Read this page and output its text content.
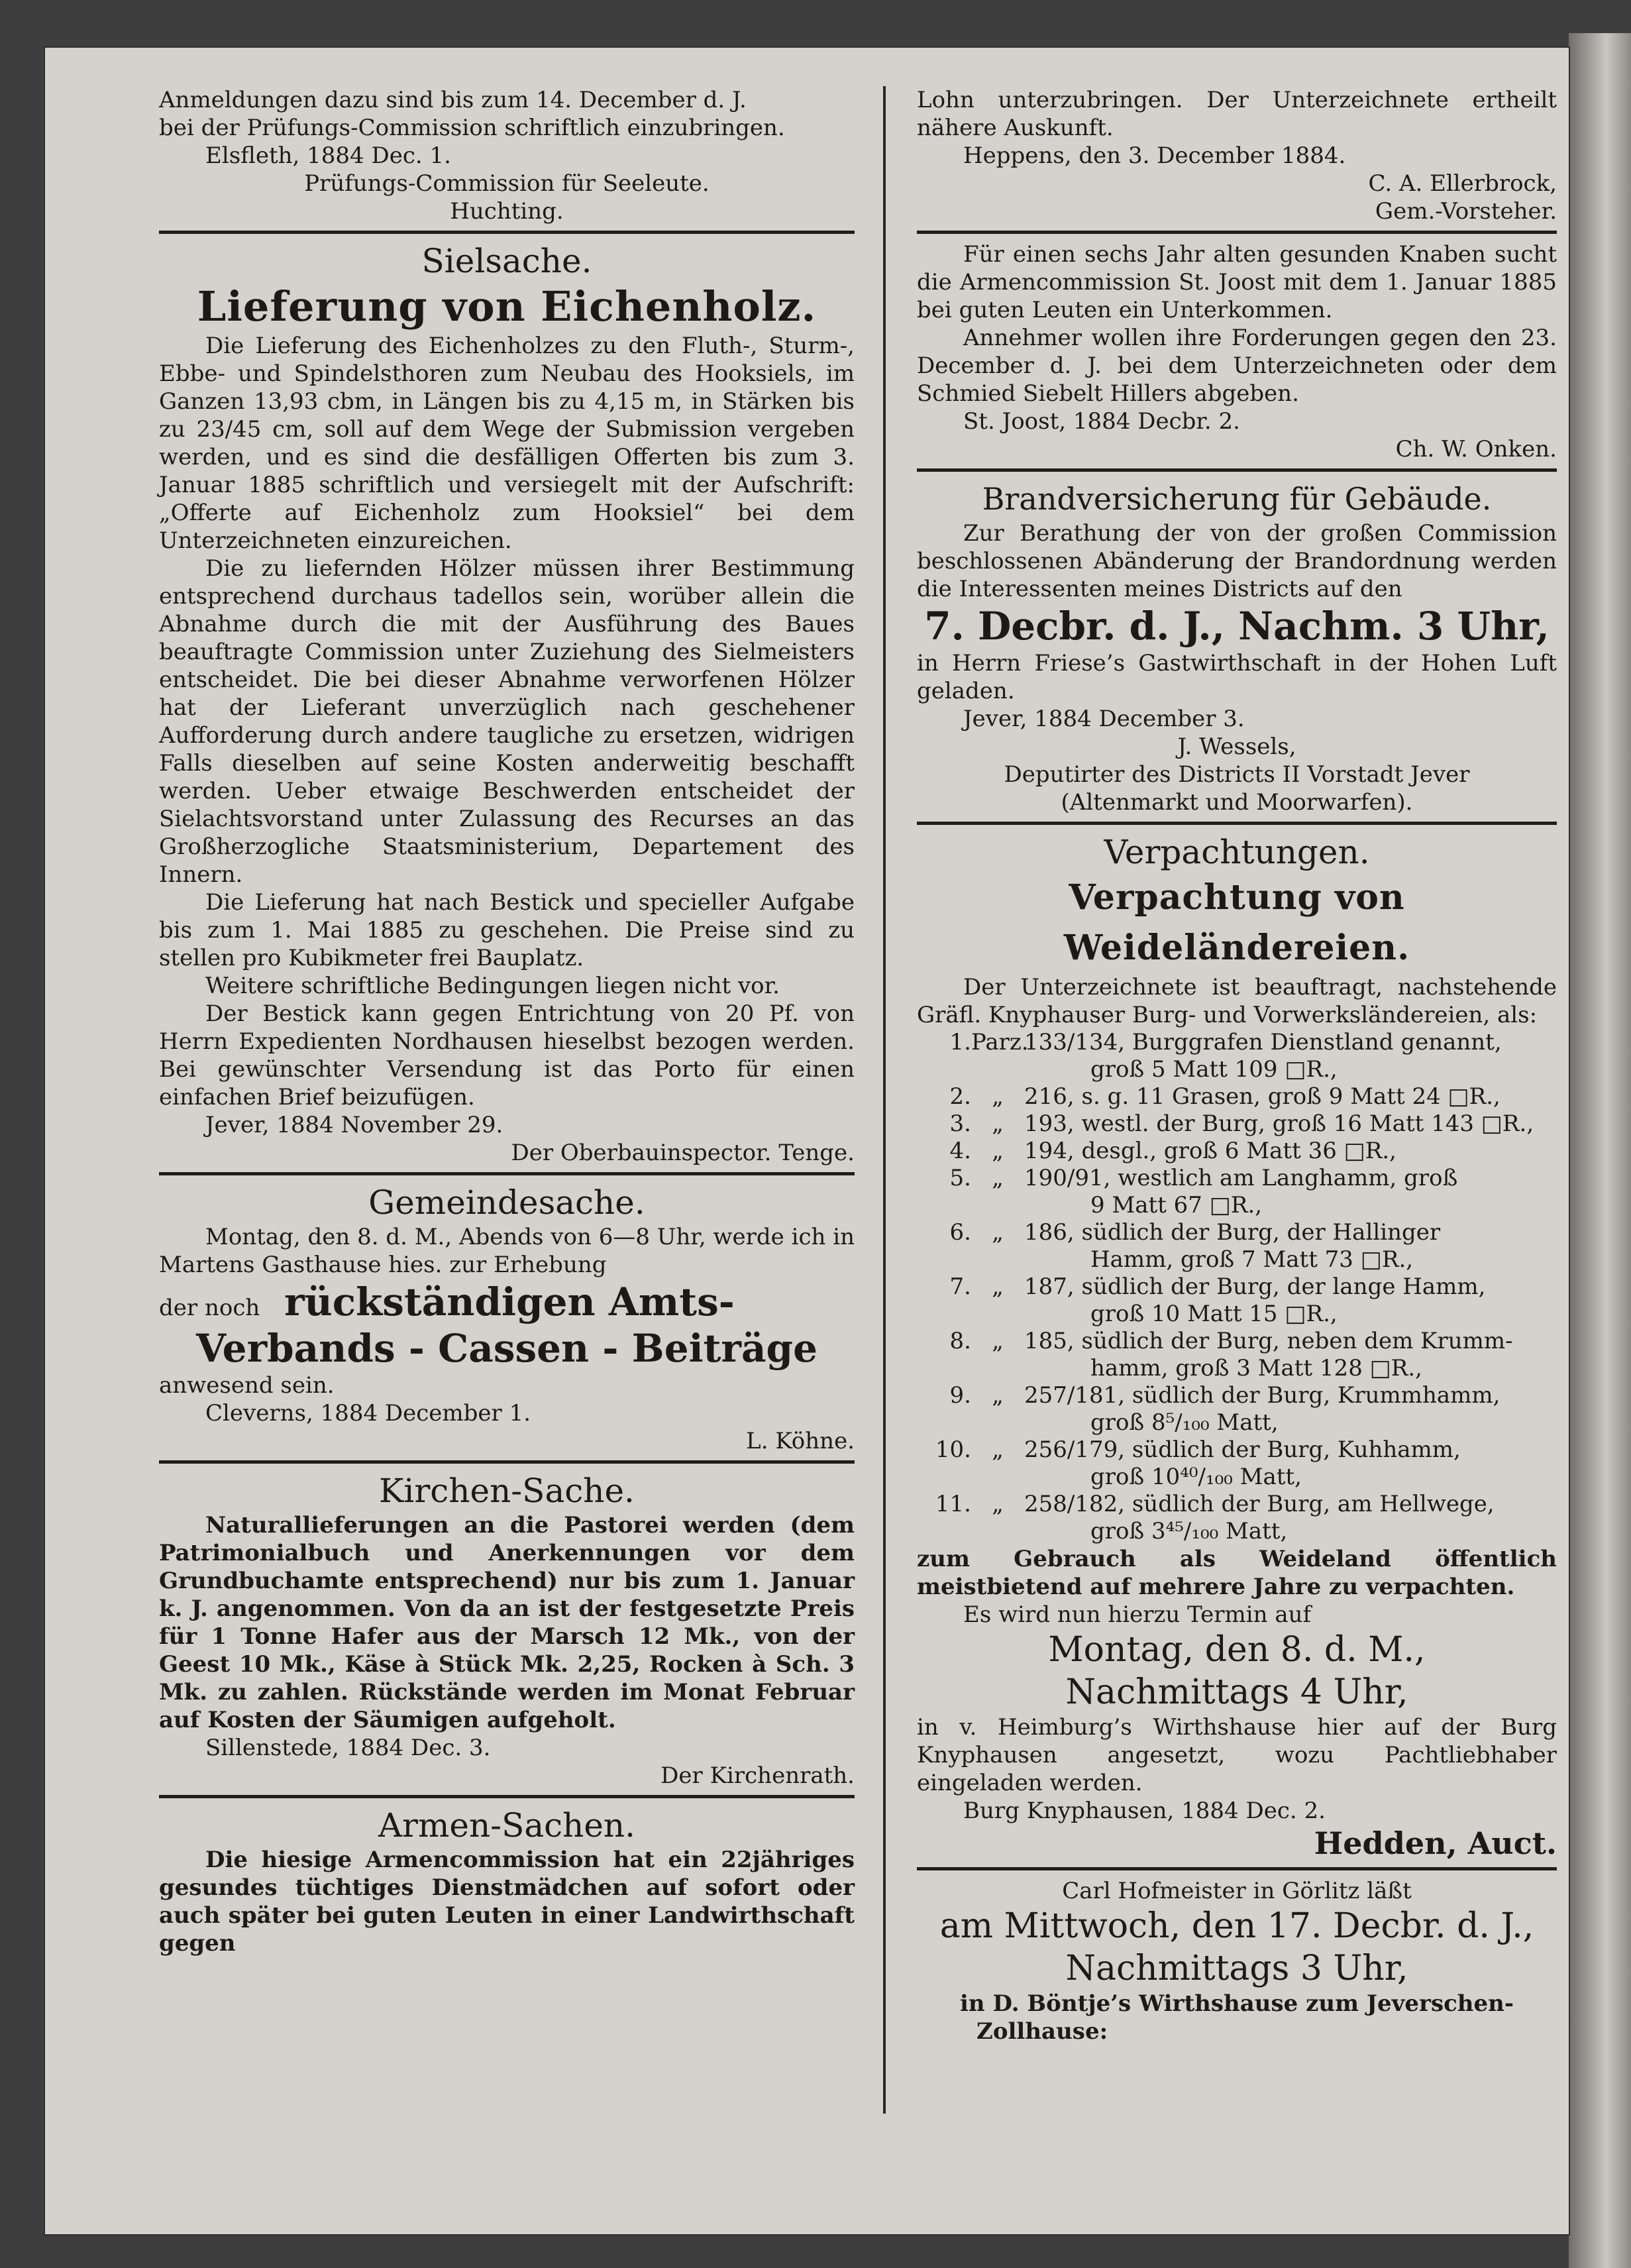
Anmeldungen dazu sind bis zum 14. December d. J.

bei der Prüfungs-Commission schriftlich einzubringen.

Elsfleth, 1884 Dec. 1.

Prüfungs-Commission für Seeleute.

Huchting.

Sielsache.

Lieferung von Eichenholz.

Die Lieferung des Eichenholzes zu den Fluth-, Sturm-, Ebbe- und Spindelsthoren zum Neubau des Hooksiels, im Ganzen 13,93 cbm, in Längen bis zu 4,15 m, in Stärken bis zu 23/45 cm, soll auf dem Wege der Submission vergeben werden, und es sind die desfälligen Offerten bis zum 3. Januar 1885 schriftlich und versiegelt mit der Aufschrift: „Offerte auf Eichenholz zum Hooksiel“ bei dem Unterzeichneten einzureichen.

Die zu liefernden Hölzer müssen ihrer Bestimmung entsprechend durchaus tadellos sein, worüber allein die Abnahme durch die mit der Ausführung des Baues beauftragte Commission unter Zuziehung des Sielmeisters entscheidet. Die bei dieser Abnahme verworfenen Hölzer hat der Lieferant unverzüglich nach geschehener Aufforderung durch andere taugliche zu ersetzen, widrigen Falls dieselben auf seine Kosten anderweitig beschafft werden. Ueber etwaige Beschwerden entscheidet der Sielachtsvorstand unter Zulassung des Recurses an das Großherzogliche Staatsministerium, Departement des Innern.

Die Lieferung hat nach Bestick und specieller Aufgabe bis zum 1. Mai 1885 zu geschehen. Die Preise sind zu stellen pro Kubikmeter frei Bauplatz.

Weitere schriftliche Bedingungen liegen nicht vor.

Der Bestick kann gegen Entrichtung von 20 Pf. von Herrn Expedienten Nordhausen hieselbst bezogen werden. Bei gewünschter Versendung ist das Porto für einen einfachen Brief beizufügen.

Jever, 1884 November 29.

Der Oberbauinspector. Tenge.

Gemeindesache.

Montag, den 8. d. M., Abends von 6—8 Uhr, werde ich in Martens Gasthause hies. zur Erhebung

der noch rückständigen Amts-

Verbands - Cassen - Beiträge

anwesend sein.

Cleverns, 1884 December 1.

L. Köhne.

Kirchen-Sache.

Naturallieferungen an die Pastorei werden (dem Patrimonialbuch und Anerkennungen vor dem Grundbuchamte entsprechend) nur bis zum 1. Januar k. J. angenommen. Von da an ist der festgesetzte Preis für 1 Tonne Hafer aus der Marsch 12 Mk., von der Geest 10 Mk., Käse à Stück Mk. 2,25, Rocken à Sch. 3 Mk. zu zahlen. Rückstände werden im Monat Februar auf Kosten der Säumigen aufgeholt.

Sillenstede, 1884 Dec. 3.

Der Kirchenrath.

Armen-Sachen.

Die hiesige Armencommission hat ein 22jähriges gesundes tüchtiges Dienstmädchen auf sofort oder auch später bei guten Leuten in einer Landwirthschaft gegen

Lohn unterzubringen. Der Unterzeichnete ertheilt nähere Auskunft.

Heppens, den 3. December 1884.

C. A. Ellerbrock,

Gem.-Vorsteher.

Für einen sechs Jahr alten gesunden Knaben sucht die Armencommission St. Joost mit dem 1. Januar 1885 bei guten Leuten ein Unterkommen.

Annehmer wollen ihre Forderungen gegen den 23. December d. J. bei dem Unterzeichneten oder dem Schmied Siebelt Hillers abgeben.

St. Joost, 1884 Decbr. 2.

Ch. W. Onken.

Brandversicherung für Gebäude.

Zur Berathung der von der großen Commission beschlossenen Abänderung der Brandordnung werden die Interessenten meines Districts auf den

7. Decbr. d. J., Nachm. 3 Uhr,

in Herrn Friese’s Gastwirthschaft in der Hohen Luft geladen.

Jever, 1884 December 3.

J. Wessels,

Deputirter des Districts II Vorstadt Jever

(Altenmarkt und Moorwarfen).

Verpachtungen.

Verpachtung von Weideländereien.

Der Unterzeichnete ist beauftragt, nachstehende Gräfl. Knyphauser Burg- und Vorwerksländereien, als:

1. Parz.
133/134, Burggrafen Dienstland genannt,
groß 5 Matt 109 □R.,
2. „ 216, s. g. 11 Grasen, groß 9 Matt 24 □R.,
3. „ 193, westl. der Burg, groß 16 Matt 143 □R.,
4. „ 194, desgl., groß 6 Matt 36 □R.,
5. „ 190/91, westlich am Langhamm, groß
9 Matt 67 □R.,
6. „ 186, südlich der Burg, der Hallinger
Hamm, groß 7 Matt 73 □R.,
7. „ 187, südlich der Burg, der lange Hamm,
groß 10 Matt 15 □R.,
8. „ 185, südlich der Burg, neben dem Krumm-
hamm, groß 3 Matt 128 □R.,
9. „ 257/181, südlich der Burg, Krummhamm,
groß 8⁵/₁₀₀ Matt,
10. „ 256/179, südlich der Burg, Kuhhamm,
groß 10⁴⁰/₁₀₀ Matt,
11. „ 258/182, südlich der Burg, am Hellwege,
groß 3⁴⁵/₁₀₀ Matt,

zum Gebrauch als Weideland öffentlich meistbietend auf mehrere Jahre zu verpachten.

Es wird nun hierzu Termin auf

Montag, den 8. d. M.,

Nachmittags 4 Uhr,

in v. Heimburg’s Wirthshause hier auf der Burg Knyphausen angesetzt, wozu Pachtliebhaber eingeladen werden.

Burg Knyphausen, 1884 Dec. 2.

Hedden, Auct.

Carl Hofmeister in Görlitz läßt

am Mittwoch, den 17. Decbr. d. J.,

Nachmittags 3 Uhr,

in D. Böntje’s Wirthshause zum Jeverschen-

Zollhause:
